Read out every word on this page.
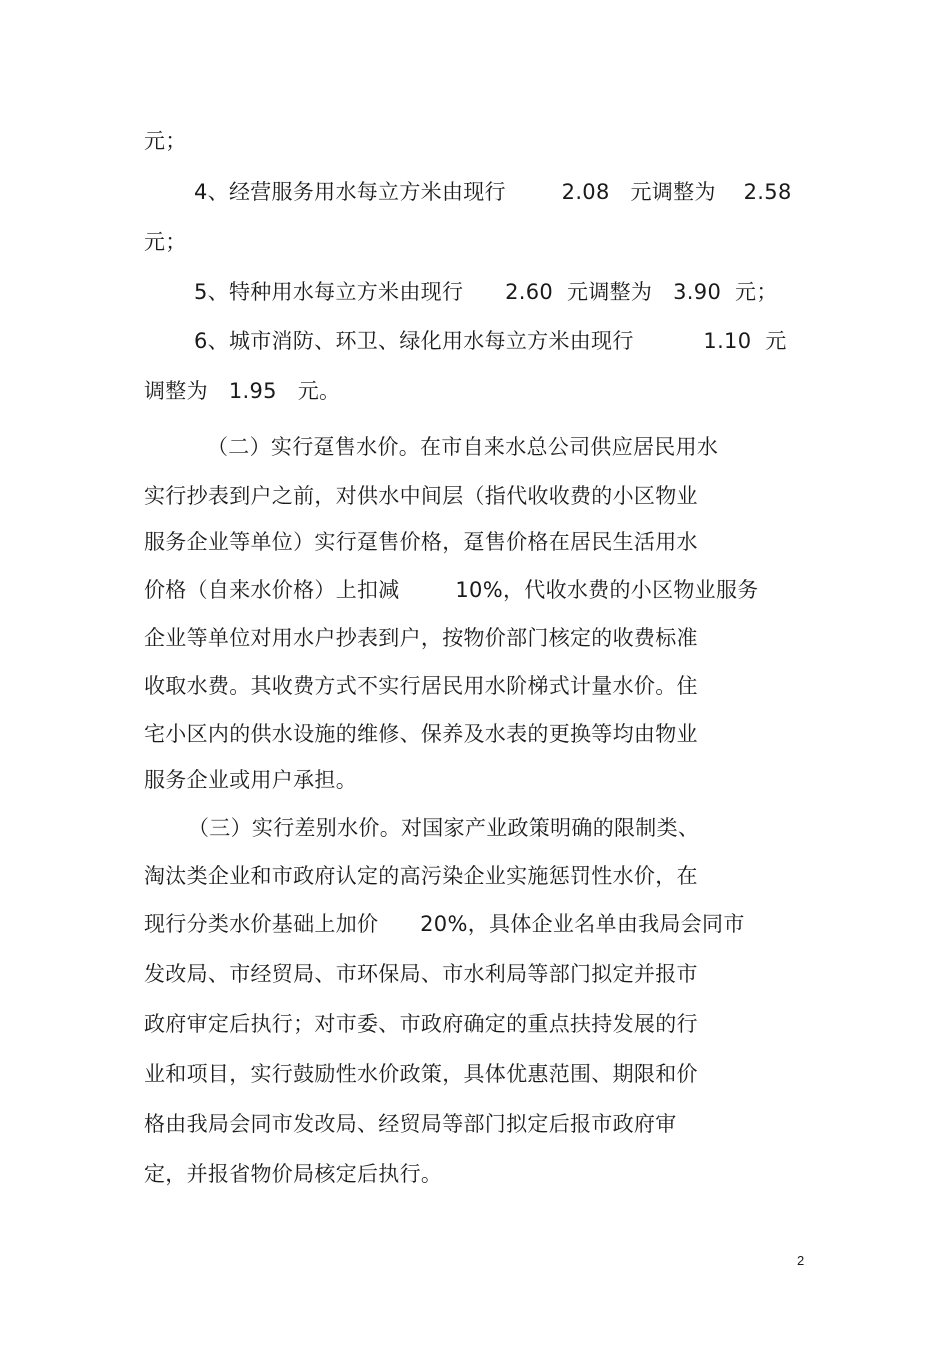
元；
4、经营服务用水每立方米由现行        2.08   元调整为    2.58
元；
5、特种用水每立方米由现行      2.60  元调整为   3.90  元；
6、城市消防、环卫、绿化用水每立方米由现行          1.10  元
调整为   1.95   元。
（二）实行趸售水价。在市自来水总公司供应居民用水
实行抄表到户之前，对供水中间层（指代收收费的小区物业
服务企业等单位）实行趸售价格，趸售价格在居民生活用水
价格（自来水价格）上扣减        10%，代收水费的小区物业服务
企业等单位对用水户抄表到户，按物价部门核定的收费标准
收取水费。其收费方式不实行居民用水阶梯式计量水价。住
宅小区内的供水设施的维修、保养及水表的更换等均由物业
服务企业或用户承担。
（三）实行差别水价。对国家产业政策明确的限制类、
淘汰类企业和市政府认定的高污染企业实施惩罚性水价，在
现行分类水价基础上加价      20%，具体企业名单由我局会同市
发改局、市经贸局、市环保局、市水利局等部门拟定并报市
政府审定后执行；对市委、市政府确定的重点扶持发展的行
业和项目，实行鼓励性水价政策，具体优惠范围、期限和价
格由我局会同市发改局、经贸局等部门拟定后报市政府审
定，并报省物价局核定后执行。
2
